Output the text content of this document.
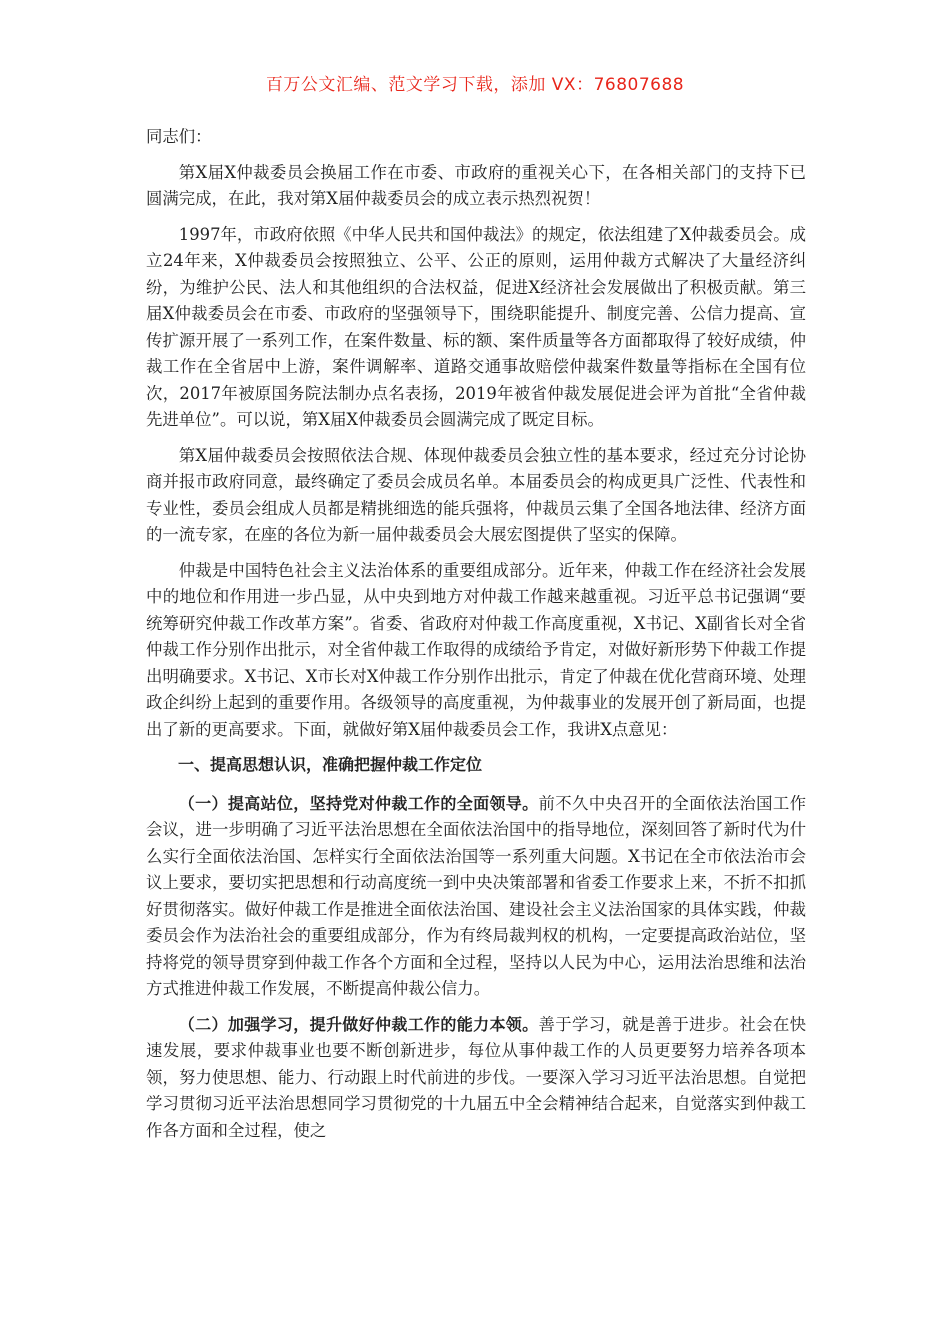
百万公文汇编、范文学习下载，添加 VX：76807688

同志们：

第X届X仲裁委员会换届工作在市委、市政府的重视关心下，在各相关部门的支持下已圆满完成，在此，我对第X届仲裁委员会的成立表示热烈祝贺！

1997年，市政府依照《中华人民共和国仲裁法》的规定，依法组建了X仲裁委员会。成立24年来，X仲裁委员会按照独立、公平、公正的原则，运用仲裁方式解决了大量经济纠纷，为维护公民、法人和其他组织的合法权益，促进X经济社会发展做出了积极贡献。第三届X仲裁委员会在市委、市政府的坚强领导下，围绕职能提升、制度完善、公信力提高、宣传扩源开展了一系列工作，在案件数量、标的额、案件质量等各方面都取得了较好成绩，仲裁工作在全省居中上游，案件调解率、道路交通事故赔偿仲裁案件数量等指标在全国有位次，2017年被原国务院法制办点名表扬，2019年被省仲裁发展促进会评为首批“全省仲裁先进单位”。可以说，第X届X仲裁委员会圆满完成了既定目标。

第X届仲裁委员会按照依法合规、体现仲裁委员会独立性的基本要求，经过充分讨论协商并报市政府同意，最终确定了委员会成员名单。本届委员会的构成更具广泛性、代表性和专业性，委员会组成人员都是精挑细选的能兵强将，仲裁员云集了全国各地法律、经济方面的一流专家，在座的各位为新一届仲裁委员会大展宏图提供了坚实的保障。

仲裁是中国特色社会主义法治体系的重要组成部分。近年来，仲裁工作在经济社会发展中的地位和作用进一步凸显，从中央到地方对仲裁工作越来越重视。习近平总书记强调“要统筹研究仲裁工作改革方案”。省委、省政府对仲裁工作高度重视，X书记、X副省长对全省仲裁工作分别作出批示，对全省仲裁工作取得的成绩给予肯定，对做好新形势下仲裁工作提出明确要求。X书记、X市长对X仲裁工作分别作出批示，肯定了仲裁在优化营商环境、处理政企纠纷上起到的重要作用。各级领导的高度重视，为仲裁事业的发展开创了新局面，也提出了新的更高要求。下面，就做好第X届仲裁委员会工作，我讲X点意见：

一、提高思想认识，准确把握仲裁工作定位

（一）提高站位，坚持党对仲裁工作的全面领导。前不久中央召开的全面依法治国工作会议，进一步明确了习近平法治思想在全面依法治国中的指导地位，深刻回答了新时代为什么实行全面依法治国、怎样实行全面依法治国等一系列重大问题。X书记在全市依法治市会议上要求，要切实把思想和行动高度统一到中央决策部署和省委工作要求上来，不折不扣抓好贯彻落实。做好仲裁工作是推进全面依法治国、建设社会主义法治国家的具体实践，仲裁委员会作为法治社会的重要组成部分，作为有终局裁判权的机构，一定要提高政治站位，坚持将党的领导贯穿到仲裁工作各个方面和全过程，坚持以人民为中心，运用法治思维和法治方式推进仲裁工作发展，不断提高仲裁公信力。

（二）加强学习，提升做好仲裁工作的能力本领。善于学习，就是善于进步。社会在快速发展，要求仲裁事业也要不断创新进步，每位从事仲裁工作的人员更要努力培养各项本领，努力使思想、能力、行动跟上时代前进的步伐。一要深入学习习近平法治思想。自觉把学习贯彻习近平法治思想同学习贯彻党的十九届五中全会精神结合起来，自觉落实到仲裁工作各方面和全过程，使之
